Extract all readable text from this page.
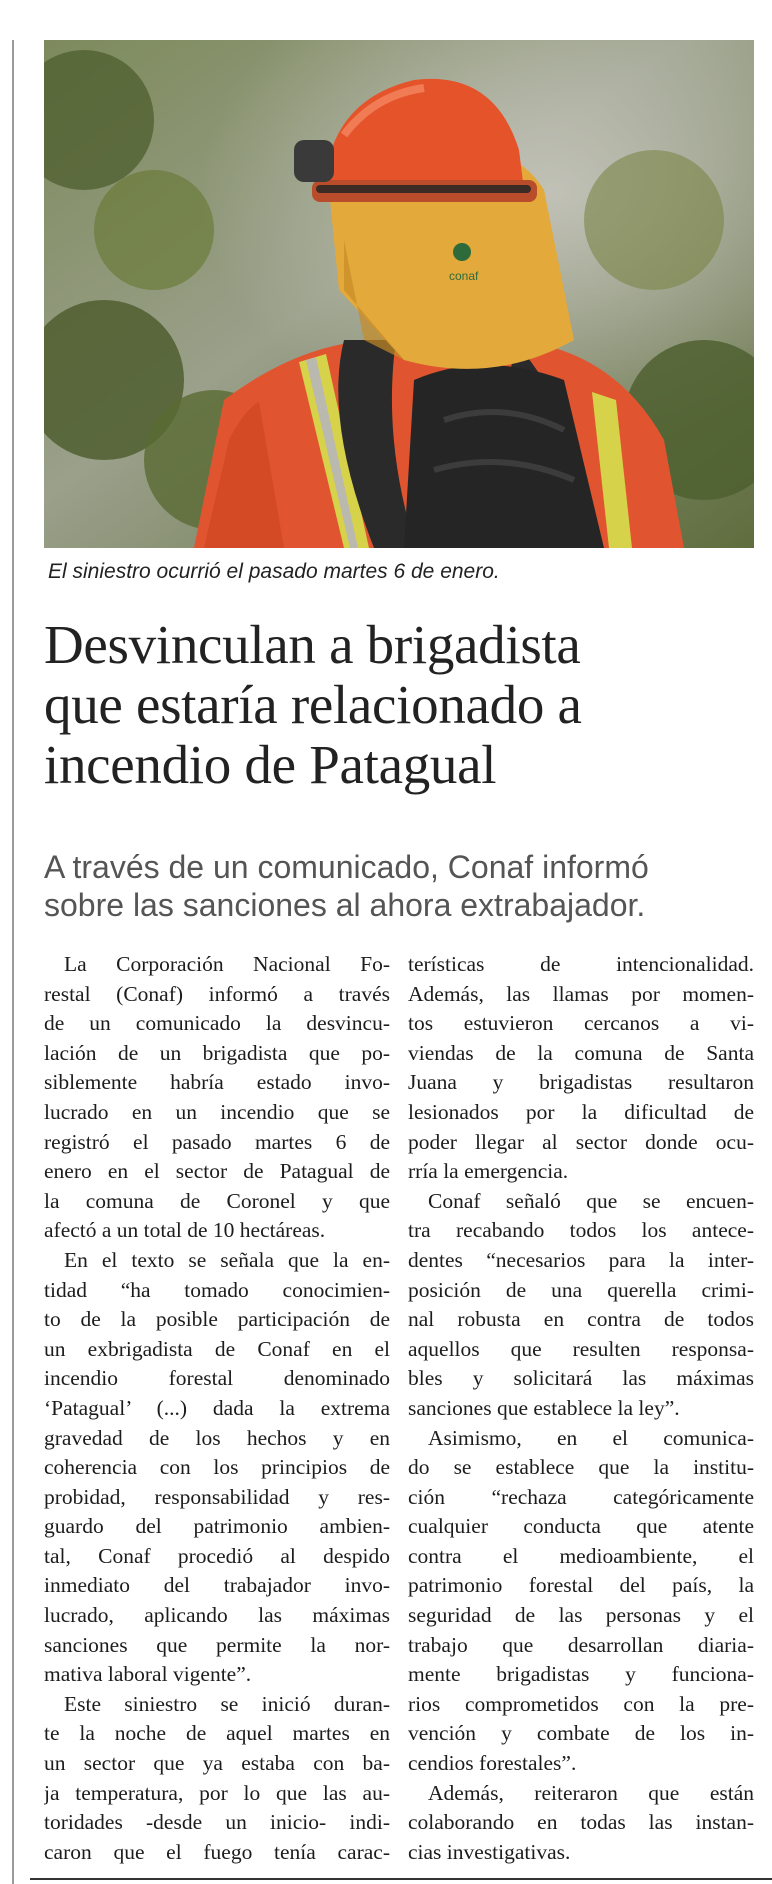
conaf
El siniestro ocurrió el pasado martes 6 de enero.
Desvinculan a brigadista
que estaría relacionado a
incendio de Patagual
A través de un comunicado, Conaf informó
sobre las sanciones al ahora extrabajador.
La Corporación Nacional Fo-
restal (Conaf) informó a través
de un comunicado la desvincu-
lación de un brigadista que po-
siblemente habría estado invo-
lucrado en un incendio que se
registró el pasado martes 6 de
enero en el sector de Patagual de
la comuna de Coronel y que
afectó a un total de 10 hectáreas.
En el texto se señala que la en-
tidad “ha tomado conocimien-
to de la posible participación de
un exbrigadista de Conaf en el
incendio forestal denominado
‘Patagual’ (...) dada la extrema
gravedad de los hechos y en
coherencia con los principios de
probidad, responsabilidad y res-
guardo del patrimonio ambien-
tal, Conaf procedió al despido
inmediato del trabajador invo-
lucrado, aplicando las máximas
sanciones que permite la nor-
mativa laboral vigente”.
Este siniestro se inició duran-
te la noche de aquel martes en
un sector que ya estaba con ba-
ja temperatura, por lo que las au-
toridades -desde un inicio- indi-
caron que el fuego tenía carac-
terísticas de intencionalidad.
Además, las llamas por momen-
tos estuvieron cercanos a vi-
viendas de la comuna de Santa
Juana y brigadistas resultaron
lesionados por la dificultad de
poder llegar al sector donde ocu-
rría la emergencia.
Conaf señaló que se encuen-
tra recabando todos los antece-
dentes “necesarios para la inter-
posición de una querella crimi-
nal robusta en contra de todos
aquellos que resulten responsa-
bles y solicitará las máximas
sanciones que establece la ley”.
Asimismo, en el comunica-
do se establece que la institu-
ción “rechaza categóricamente
cualquier conducta que atente
contra el medioambiente, el
patrimonio forestal del país, la
seguridad de las personas y el
trabajo que desarrollan diaria-
mente brigadistas y funciona-
rios comprometidos con la pre-
vención y combate de los in-
cendios forestales”.
Además, reiteraron que están
colaborando en todas las instan-
cias investigativas.
